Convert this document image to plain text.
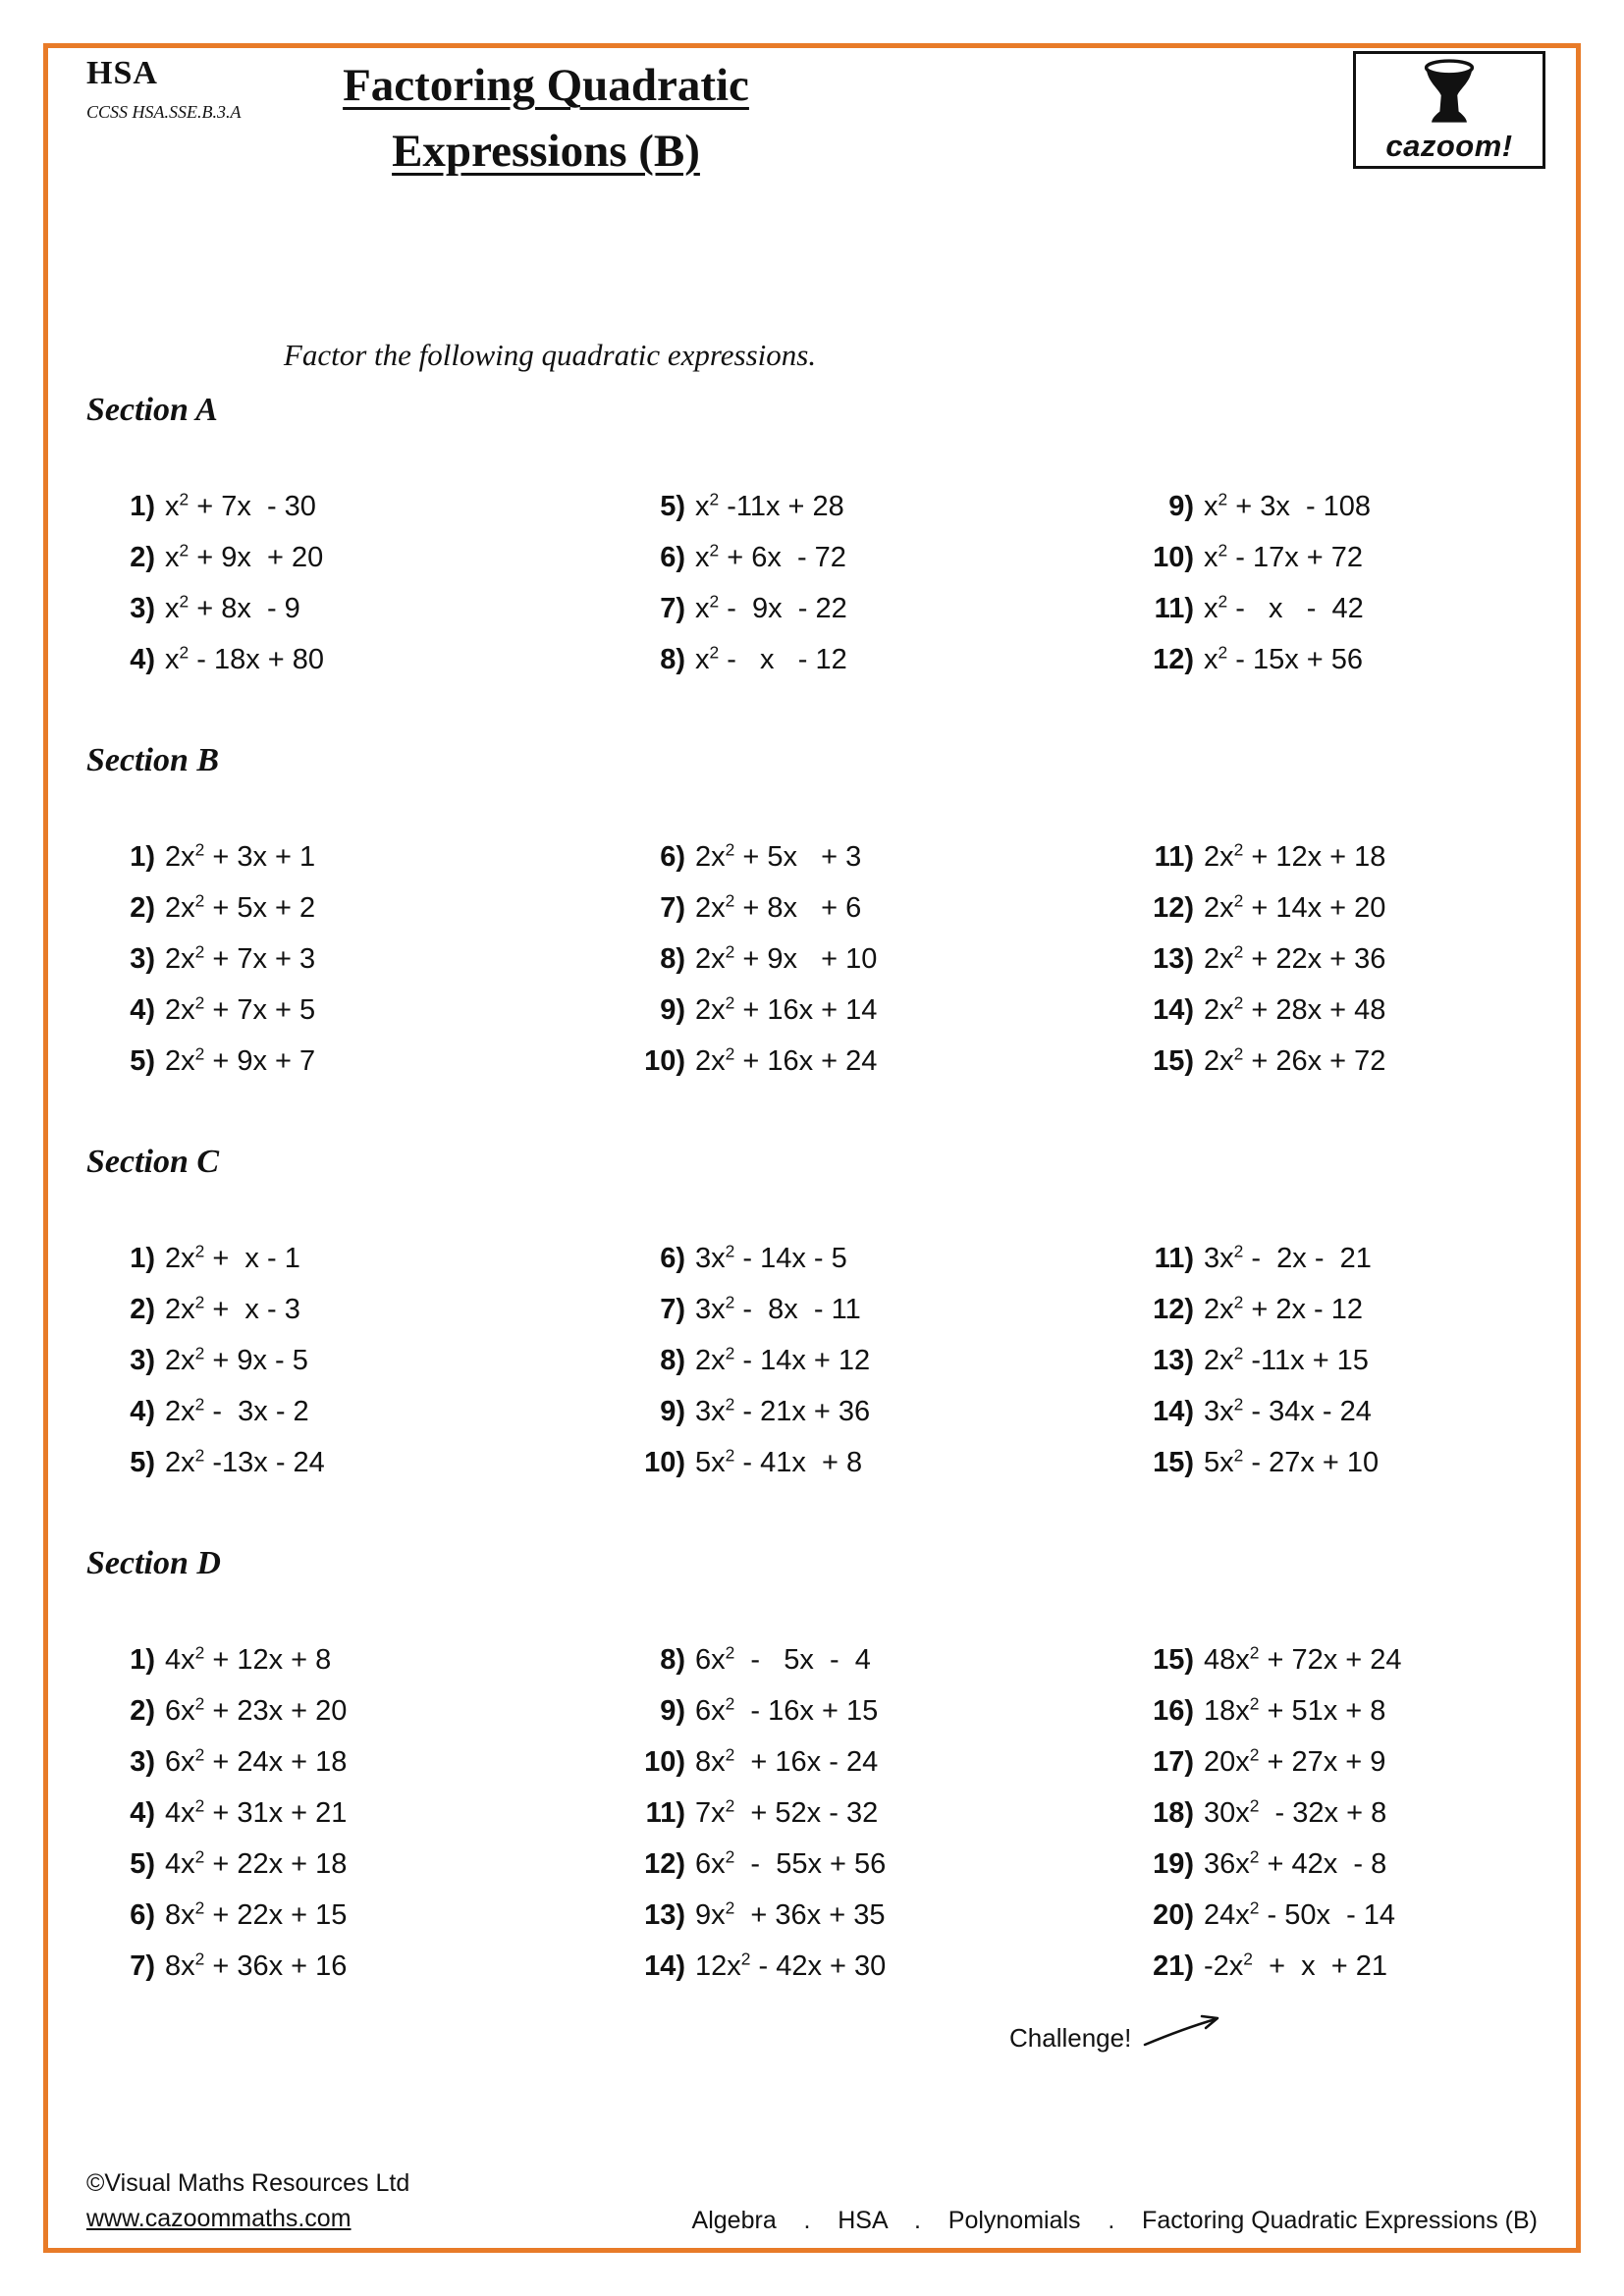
HSA
CCSS HSA.SSE.B.3.A
Factoring Quadratic
Expressions (B)	cazoom!
Factor the following quadratic expressions.
Section A
1) $x^2 + 7x - 30$
2) $x^2 + 9x + 20$
3) $x^2 + 8x - 9$
4) $x^2 - 18x + 80$
5) $x^2$ -11x + 28
6) $x^2 + 6x - 72$
7) $x^2 - 9x - 22$
8) $x^2$ -   x   - 12
9) $x^2 + 3x - 108$
10) $x^2 - 17x + 72$
11) $x^2$ -   x   -  42
12) $x^2 - 15x + 56$
Section B
1) $2x^2 + 3x + 1$
2) $2x^2 + 5x + 2$
3) $2x^2 + 7x + 3$
4) $2x^2 + 7x + 5$
5) $2x^2 + 9x + 7$
6) $2x^2 + 5x + 3$
7) $2x^2 + 8x + 6$
8) $2x^2 + 9x + 10$
9) $2x^2 + 16x + 14$
10) $2x^2 + 16x + 24$
11) $2x^2 + 12x + 18$
12) $2x^2 + 14x + 20$
13) $2x^2 + 22x + 36$
14) $2x^2 + 28x + 48$
15) $2x^2 + 26x + 72$
Section C
1) $2x^2 + x - 1$
2) $2x^2 + x - 3$
3) $2x^2 + 9x - 5$
4) $2x^2 - 3x - 2$
5) $2x^2$ -13x - 24
6) $3x^2 - 14x - 5$
7) $3x^2 - 8x - 11$
8) $2x^2 - 14x + 12$
9) $3x^2 - 21x + 36$
10) $5x^2 - 41x + 8$
11) $3x^2 - 2x - 21$
12) $2x^2 + 2x - 12$
13) $2x^2$ -11x + 15
14) $3x^2 - 34x - 24$
15) $5x^2 - 27x + 10$
Section D
1) $4x^2 + 12x + 8$
2) $6x^2 + 23x + 20$
3) $6x^2 + 24x + 18$
4) $4x^2 + 31x + 21$
5) $4x^2 + 22x + 18$
6) $8x^2 + 22x + 15$
7) $8x^2 + 36x + 16$
8) $6x^2 - 5x - 4$
9) $6x^2 - 16x + 15$
10) $8x^2 + 16x - 24$
11) $7x^2 + 52x - 32$
12) $6x^2 - 55x + 56$
13) $9x^2 + 36x + 35$
14) $12x^2 - 42x + 30$
15) $48x^2 + 72x + 24$
16) $18x^2 + 51x + 8$
17) $20x^2 + 27x + 9$
18) $30x^2 - 32x + 8$
19) $36x^2 + 42x - 8$
20) $24x^2 - 50x - 14$
21) $-2x^2 + x + 21$
Challenge!
©Visual Maths Resources Ltd
www.cazoommaths.com	Algebra    .    HSA    .    Polynomials    .    Factoring Quadratic Expressions (B)
